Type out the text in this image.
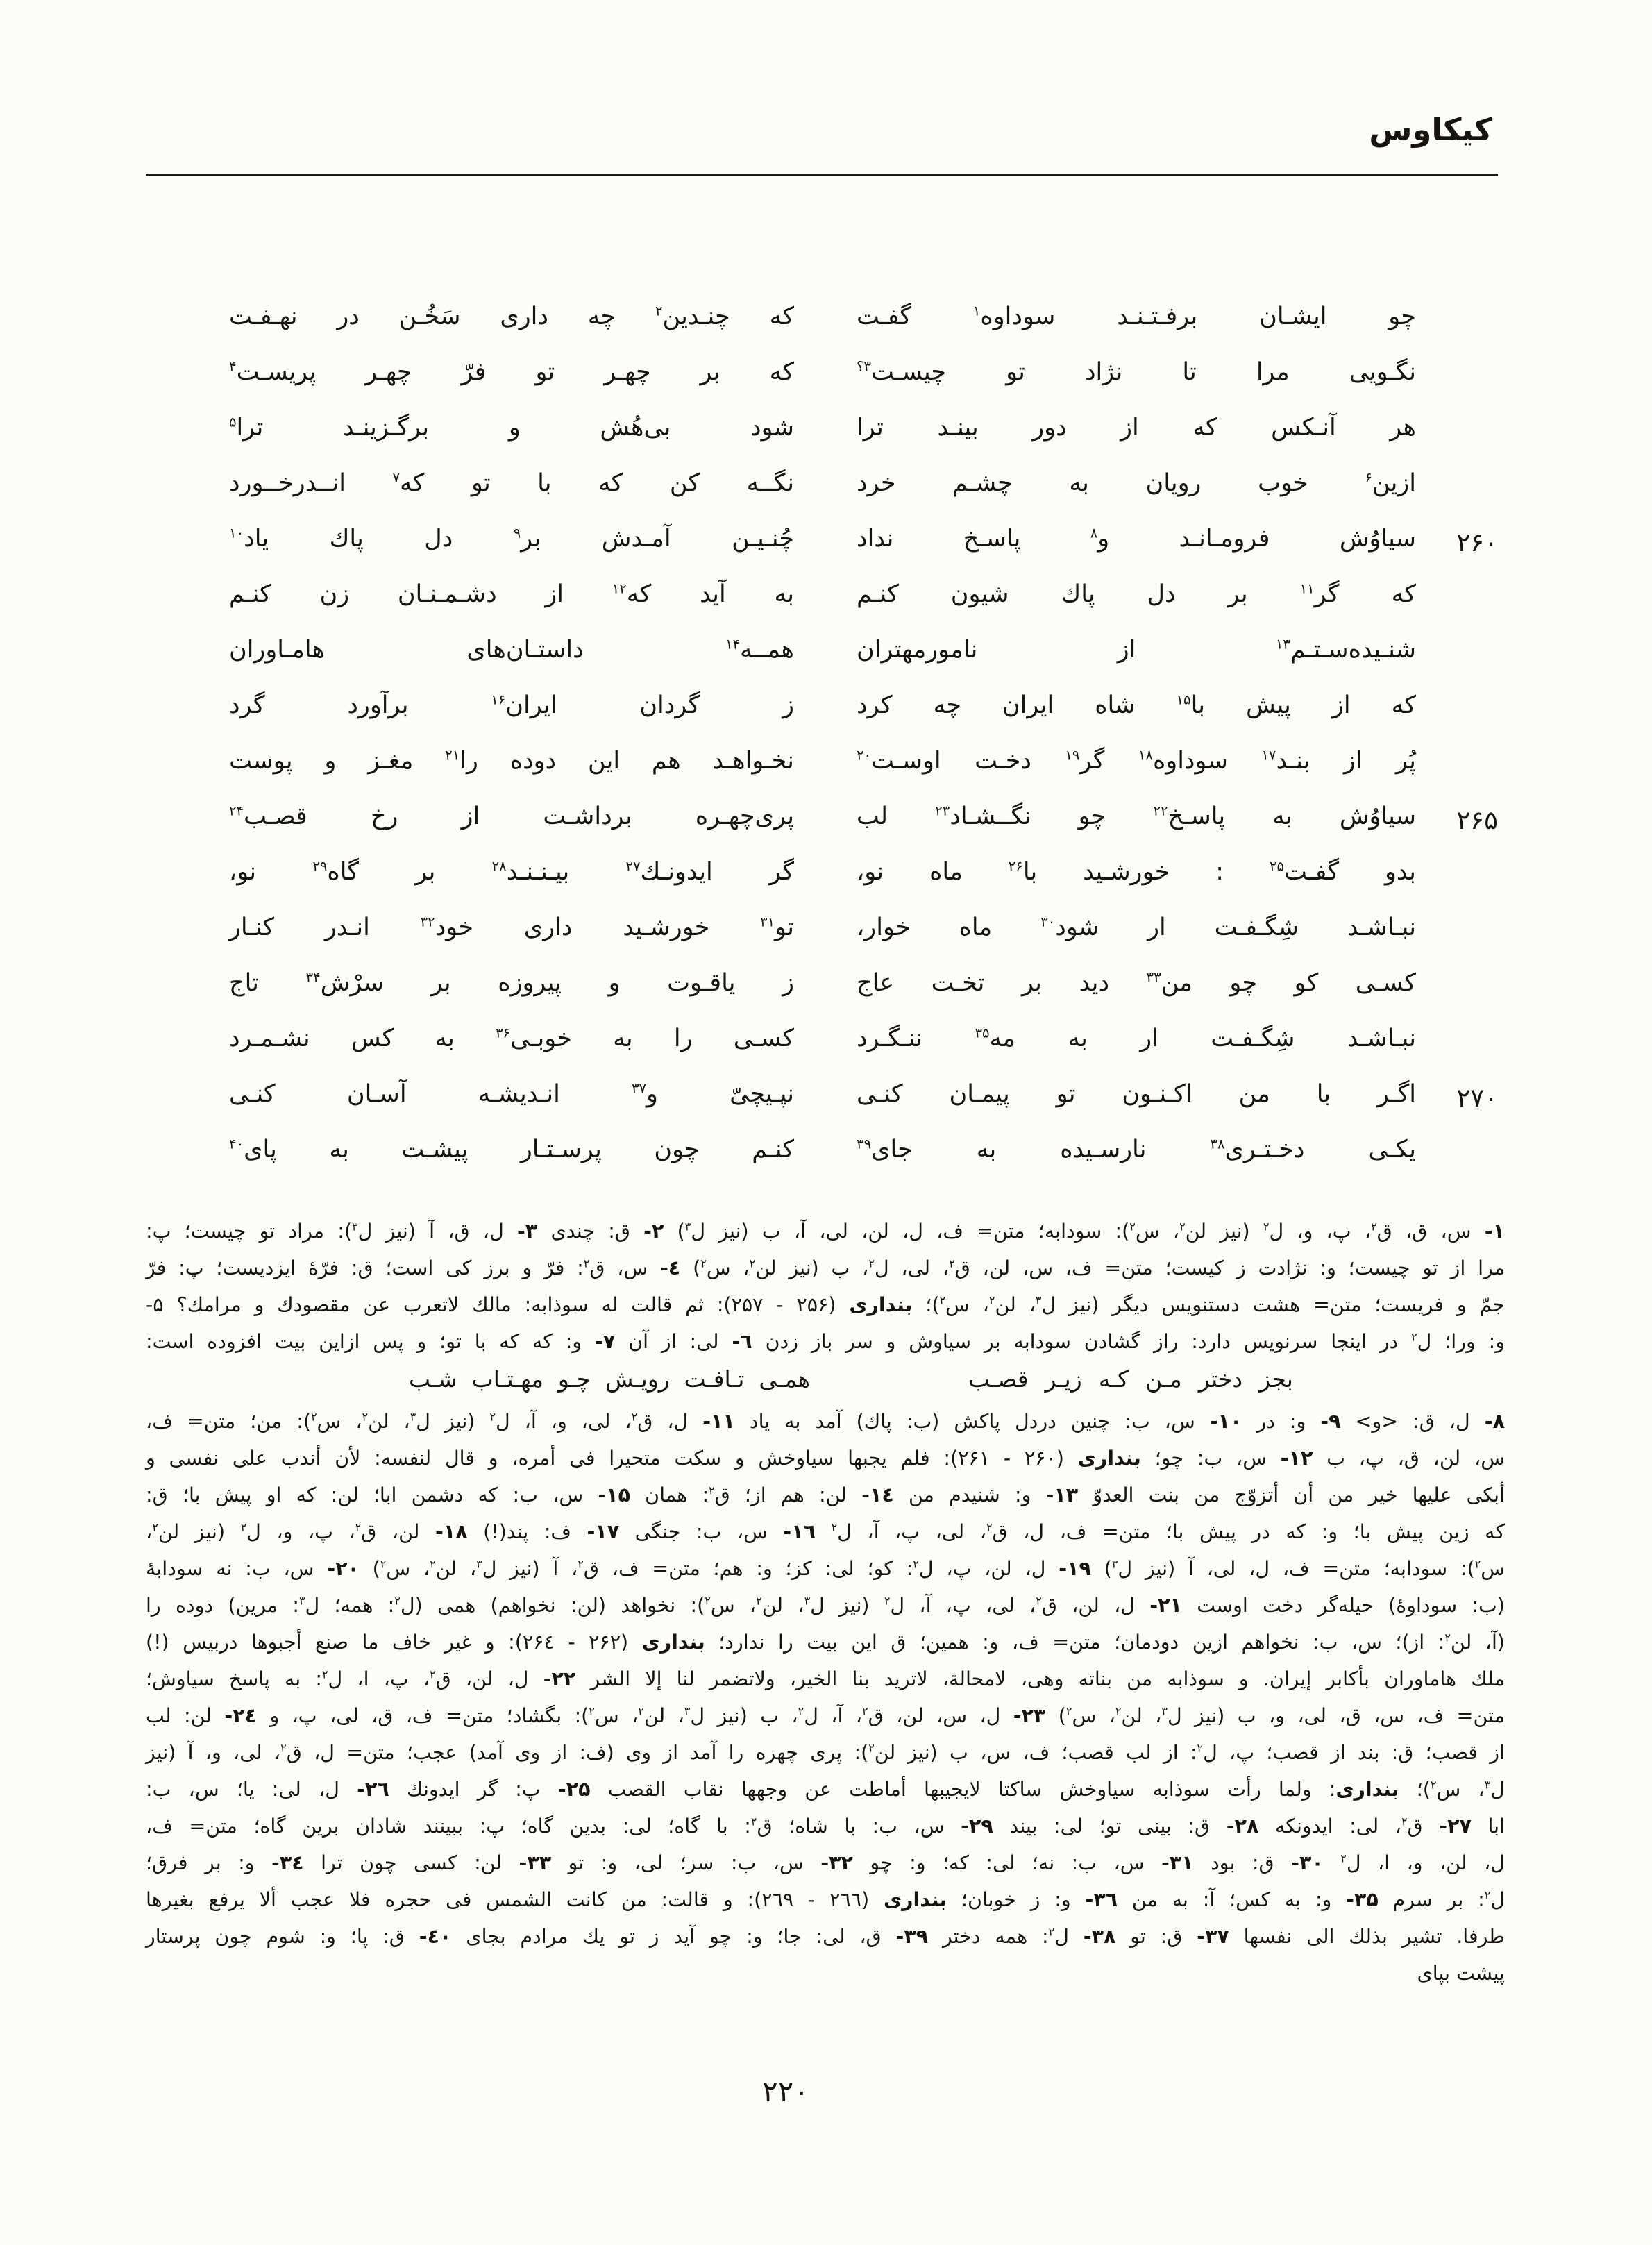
کیکاوس
چو
ایشـان
برفـتـنـد
سوداوه$^۱$
گفـت
که
چنـدین$^۲$
چه
داری
سَخُـن
در
نهـفـت
نگـویی
مرا
تا
نژاد
تو
چیسـت$^{۳؟}$
که
بر
چهـر
تو
فرّ
چهـر
پریسـت$^۴$
هر
آنـکس
که
از
دور
بینـد
ترا
شود
بی‌هُش
و
برگـزینـد
ترا$^۵$
ازین$^۶$
خوب
رویان
به
چشـم
خرد
نگــه
کن
که
با
تو
که$^۷$
انــدرخــورد
۲۶۰
سیاوُش
فرومـانـد
و$^۸$
پاسـخ
نداد
چُنـیـن
آمـدش
بر$^۹$
دل
پاك
یاد$^{۱۰}$
که
گر$^{۱۱}$
بر
دل
پاك
شیون
کنـم
به
آید
که$^{۱۲}$
از
دشـمـنـان
زن
کنـم
شنـیده‌سـتـم$^{۱۳}$
از
نامورمهتران
همــه$^{۱۴}$
داستـان‌های
هامـاوران
که
از
پیش
با$^{۱۵}$
شاه
ایران
چه
کرد
ز
گردان
ایران$^{۱۶}$
برآورد
گرد
پُر
از
بنـد$^{۱۷}$
سوداوه$^{۱۸}$
گر$^{۱۹}$
دخـت
اوسـت$^{۲۰}$
نخـواهـد
هم
این
دوده
را$^{۲۱}$
مغـز
و
پوست
۲۶۵
سیاوُش
به
پاسـخ$^{۲۲}$
چو
نگــشـاد$^{۲۳}$
لب
پری‌چهـره
برداشـت
از
رخ
قصـب$^{۲۴}$
بدو
گفـت$^{۲۵}$
:
خورشـید
با$^{۲۶}$
ماه
نو،
گر
ایدونـك$^{۲۷}$
بیـنـنـد$^{۲۸}$
بر
گاه$^{۲۹}$
نو،
نبـاشـد
شِگـفـت
ار
شود$^{۳۰}$
ماه
خوار،
تو$^{۳۱}$
خورشـید
داری
خود$^{۳۲}$
انـدر
کنـار
کسـی
کو
چو
من$^{۳۳}$
دید
بر
تخـت
عاج
ز
یاقـوت
و
پیروزه
بر
سرْش$^{۳۴}$
تاج
نبـاشـد
شِگـفـت
ار
به
مه$^{۳۵}$
ننـگـرد
کسـی
را
به
خوبـی$^{۳۶}$
به
کس
نشـمـرد
۲۷۰
اگـر
با
من
اکـنـون
تو
پیمـان
کنـی
نپـیچیّ
و$^{۳۷}$
انـدیشـه
آسـان
کنـی
یکـی
دخـتـری$^{۳۸}$
نارسـیده
به
جای$^{۳۹}$
کنـم
چون
پرسـتـار
پیشـت
به
پای$^{۴۰}$
۱- س، ق، ق$^۲$، پ، و، ل$^۲$ (نیز لن$^۲$، س$^۲$): سودابه؛ متن= ف، ل، لن، لی، آ، ب (نیز ل$^۳$) ۲- ق: چندی ۳- ل، ق، آ (نیز ل$^۳$): مراد تو چیست؛ پ:
مرا از تو چیست؛ و: نژادت ز کیست؛ متن= ف، س، لن، ق$^۲$، لی، ل$^۲$، ب (نیز لن$^۲$، س$^۲$) ٤- س، ق$^۲$: فرّ و برز کی است؛ ق: فرّهٔ ایزدیست؛ پ: فرّ
جمّ و فریست؛ متن= هشت دستنویس دیگر (نیز ل$^۳$، لن$^۲$، س$^۲$)؛ بنداری (۲۵۶ - ۲۵۷): ثم قالت له سوذابه: مالك لاتعرب عن مقصودك و مرامك؟ ۵-
و: ورا؛ ل$^۲$ در اینجا سرنویس دارد: راز گشادن سودابه بر سیاوش و سر باز زدن ٦- لی: از آن ۷- و: که که با تو؛ و پس ازاین بیت افزوده است:
بجز
دختر
مـن
کـه
زیـر
قصـب
همـی
تـافـت
رویـش
چـو
مهـتـاب
شـب
۸- ل، ق: <و> ۹- و: در ۱۰- س، ب: چنین دردل پاکش (ب: پاك) آمد به یاد ۱۱- ل، ق$^۲$، لی، و، آ، ل$^۲$ (نیز ل$^۳$، لن$^۲$، س$^۲$): من؛ متن= ف،
س، لن، ق، پ، ب ۱۲- س، ب: چو؛ بنداری (۲۶۰ - ۲۶۱): فلم یجبها سیاوخش و سکت متحیرا فی أمره، و قال لنفسه: لأن أندب علی نفسی و
أبکی علیها خیر من أن أتزوّج من بنت العدوّ ۱۳- و: شنیدم من ۱٤- لن: هم از؛ ق$^۲$: همان ۱۵- س، ب: که دشمن ابا؛ لن: که او پیش با؛ ق:
که زین پیش با؛ و: که در پیش با؛ متن= ف، ل، ق$^۲$، لی، پ، آ، ل$^۲$ ۱٦- س، ب: جنگی ۱۷- ف: پند(!) ۱۸- لن، ق$^۲$، پ، و، ل$^۲$ (نیز لن$^۲$،
س$^۲$): سودابه؛ متن= ف، ل، لی، آ (نیز ل$^۳$) ۱۹- ل، لن، پ، ل$^۲$: کو؛ لی: کز؛ و: هم؛ متن= ف، ق$^۲$، آ (نیز ل$^۳$، لن$^۲$، س$^۲$) ۲۰- س، ب: نه سودابهٔ
(ب: سوداوهٔ) حیله‌گر دخت اوست ۲۱- ل، لن، ق$^۲$، لی، پ، آ، ل$^۲$ (نیز ل$^۳$، لن$^۲$، س$^۲$): نخواهد (لن: نخواهم) همی (ل$^۲$: همه؛ ل$^۳$: مرین) دوده را
(آ، لن$^۲$: از)؛ س، ب: نخواهم ازین دودمان؛ متن= ف، و: همین؛ ق این بیت را ندارد؛ بنداری (۲۶۲ - ۲۶٤): و غیر خاف ما صنع أجبوها دربیس (!)
ملك هاماوران بأکابر إیران. و سوذابه من بناته وهی، لامحالة، لاترید بنا الخیر، ولاتضمر لنا إلا الشر ۲۲- ل، لن، ق$^۲$، پ، ا، ل$^۲$: به پاسخ سیاوش؛
متن= ف، س، ق، لی، و، ب (نیز ل$^۳$، لن$^۲$، س$^۲$) ۲۳- ل، س، لن، ق$^۲$، آ، ل$^۲$، ب (نیز ل$^۳$، لن$^۲$، س$^۲$): بگشاد؛ متن= ف، ق، لی، پ، و ۲٤- لن: لب
از قصب؛ ق: بند از قصب؛ پ، ل$^۲$: از لب قصب؛ ف، س، ب (نیز لن$^۲$): پری چهره را آمد از وی (ف: از وی آمد) عجب؛ متن= ل، ق$^۲$، لی، و، آ (نیز
ل$^۳$، س$^۲$)؛ بنداری: ولما رأت سوذابه سیاوخش ساکتا لایجیبها أماطت عن وجهها نقاب القصب ۲۵- پ: گر ایدونك ۲٦- ل، لی: یا؛ س، ب:
ابا ۲۷- ق$^۲$، لی: ایدونکه ۲۸- ق: بینی تو؛ لی: بیند ۲۹- س، ب: با شاه؛ ق$^۲$: با گاه؛ لی: بدین گاه؛ پ: ببینند شادان برین گاه؛ متن= ف،
ل، لن، و، ا، ل$^۲$ ۳۰- ق: بود ۳۱- س، ب: نه؛ لی: که؛ و: چو ۳۲- س، ب: سر؛ لی، و: تو ۳۳- لن: کسی چون ترا ۳٤- و: بر فرق؛
ل$^۲$: بر سرم ۳۵- و: به کس؛ آ: به من ۳٦- و: ز خوبان؛ بنداری (۲٦٦ - ۲٦۹): و قالت: من کانت الشمس فی حجره فلا عجب ألا یرفع بغیرها
طرفا. تشیر بذلك الی نفسها ۳۷- ق: تو ۳۸- ل$^۲$: همه دختر ۳۹- ق، لی: جا؛ و: چو آید ز تو یك مرادم بجای ٤۰- ق: پا؛ و: شوم چون پرستار
پیشت بپای
۲۲۰
